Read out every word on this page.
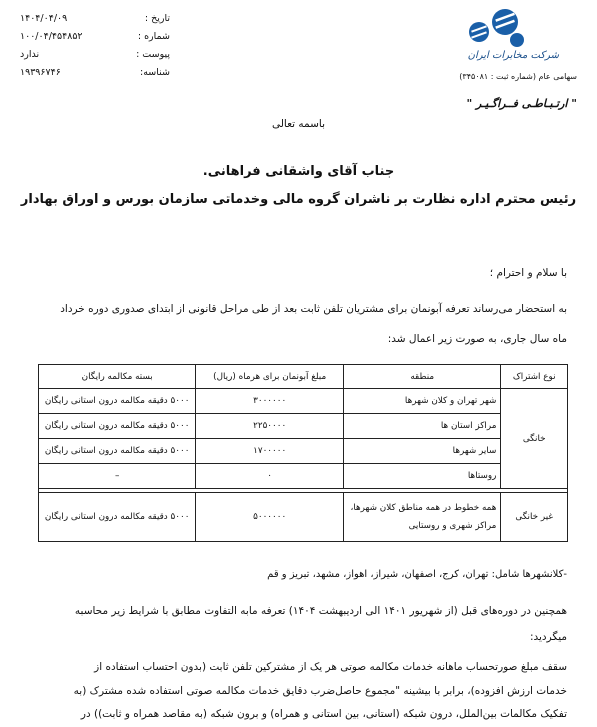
تاریخ :
۱۴۰۴/۰۴/۰۹
شماره :
۱۰۰/۰۴/۴۵۴۸۵۲
پیوست :
ندارد
شناسه:
۱۹۳۹۶۷۴۶
شرکت مخابرات ایران
سهامی عام (شماره ثبت : ۳۴۵۰۸۱)
" ارتـبـاطـی فــراگـیـر "
باسمه تعالی
جناب آقای واشقانی فراهانی.
رئیس محترم اداره نظارت بر ناشران گروه مالی وخدماتی سازمان بورس و اوراق بهادار
با سلام و احترام ؛
به استحضار می‌رساند تعرفه آبونمان برای مشتریان تلفن ثابت بعد از طی مراحل قانونی از ابتدای صدوری دوره خرداد
ماه سال جاری، به صورت زیر اعمال شد:
نوع اشتراک	منطقه	مبلغ آبونمان برای هرماه (ریال)	بسته مکالمه رایگان
خانگی	شهر تهران و کلان شهرها	۳۰۰۰۰۰۰	۵۰۰۰ دقیقه مکالمه درون استانی رایگان
	مراکز استان ها	۲۲۵۰۰۰۰	۵۰۰۰ دقیقه مکالمه درون استانی رایگان
	سایر شهرها	۱۷۰۰۰۰۰	۵۰۰۰ دقیقه مکالمه درون استانی رایگان
	روستاها	۰	–

غیر خانگی	همه خطوط در همه مناطق کلان شهرها،
مراکز شهری و روستایی	۵۰۰۰۰۰۰	۵۰۰۰ دقیقه مکالمه درون استانی رایگان
-کلانشهرها شامل: تهران، کرج، اصفهان، شیراز، اهواز، مشهد، تبریز و قم
همچنین در دوره‌های قبل (از شهریور ۱۴۰۱ الی اردیبهشت ۱۴۰۴) تعرفه مابه التفاوت مطابق با شرایط زیر محاسبه
میگردید:
سقف مبلغ صورتحساب ماهانه خدمات مکالمه صوتی هر یک از مشترکین تلفن ثابت (بدون احتساب استفاده از
خدمات ارزش افزوده)، برابر با بیشینه "مجموع حاصل‌ضرب دقایق خدمات مکالمه صوتی استفاده شده مشترک (به
تفکیک مکالمات بین‌الملل، درون شبکه (استانی، بین استانی و همراه) و برون شبکه (به مقاصد همراه و ثابت)) در
